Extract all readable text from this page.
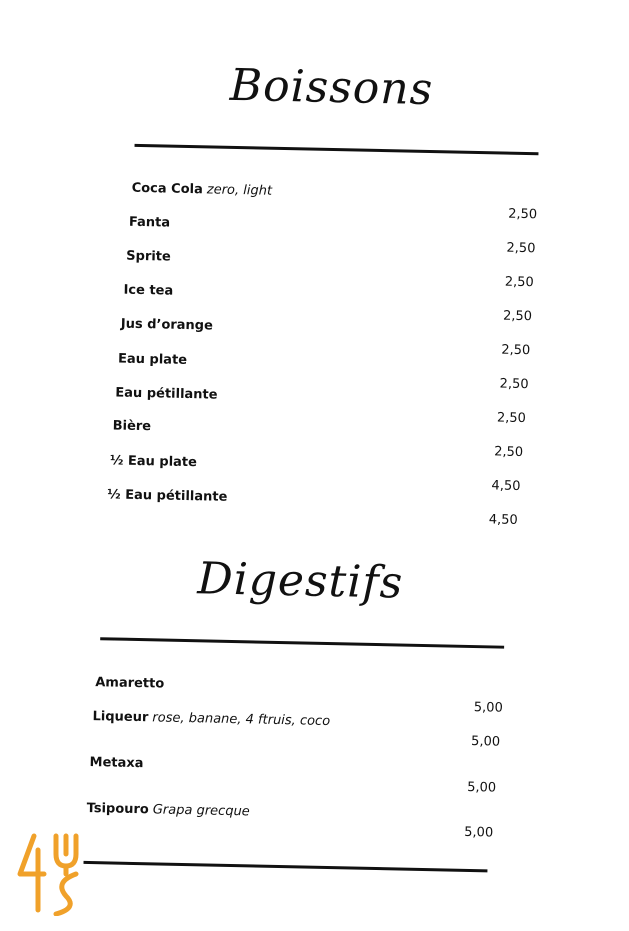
Boissons
Coca Cola zero, light
2,50
Fanta
2,50
Sprite
2,50
Ice tea
2,50
Jus d’orange
2,50
Eau plate
2,50
Eau pétillante
2,50
Bière
2,50
½ Eau plate
4,50
½ Eau pétillante
4,50
Digestifs
Amaretto
5,00
Liqueur rose, banane, 4 ftruis, coco
5,00
Metaxa
5,00
Tsipouro Grapa grecque
5,00
